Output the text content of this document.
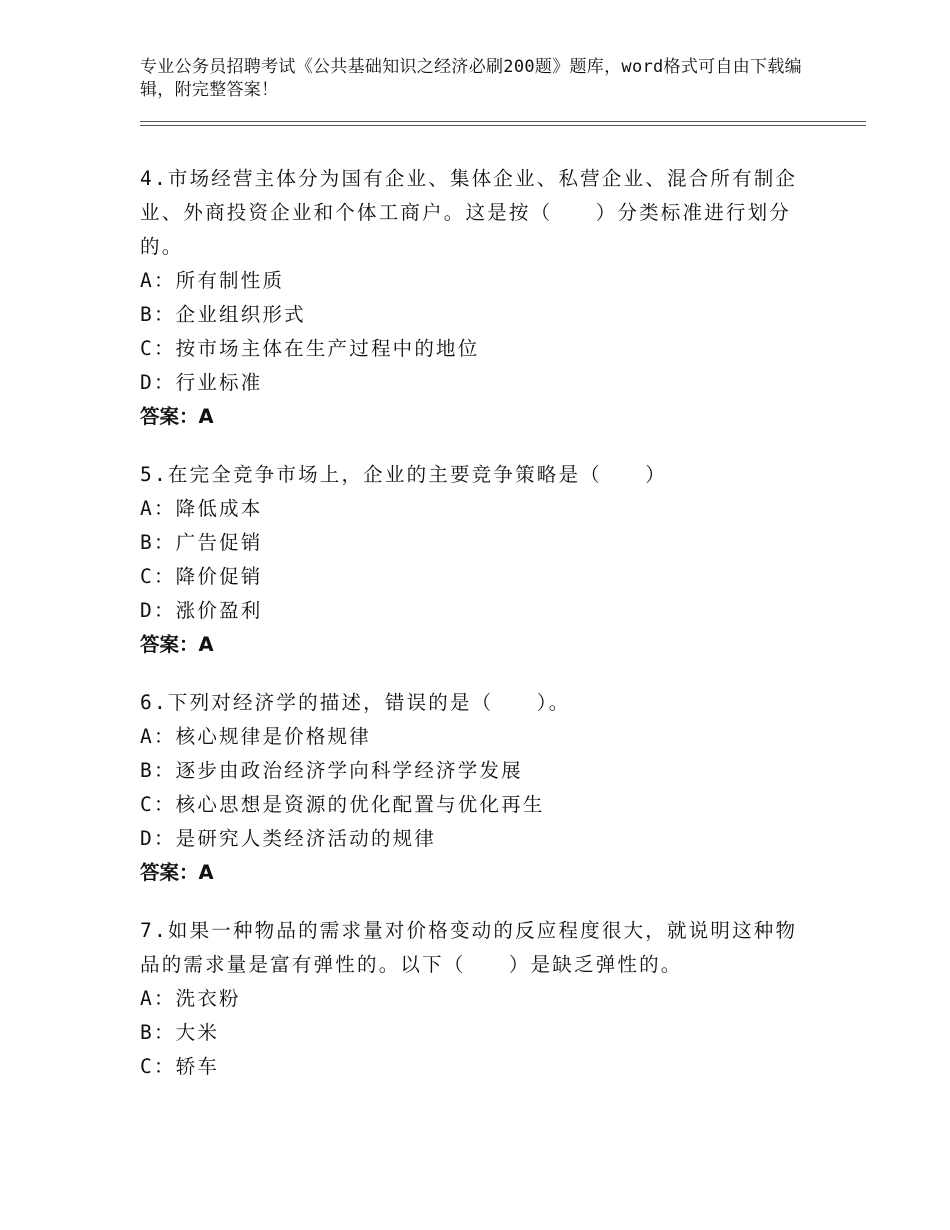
专业公务员招聘考试《公共基础知识之经济必刷200题》题库，word格式可自由下载编辑，附完整答案！
4.市场经营主体分为国有企业、集体企业、私营企业、混合所有制企业、外商投资企业和个体工商户。这是按（　　）分类标准进行划分的。
A：所有制性质
B：企业组织形式
C：按市场主体在生产过程中的地位
D：行业标准
答案：A
5.在完全竞争市场上，企业的主要竞争策略是（　　）
A：降低成本
B：广告促销
C：降价促销
D：涨价盈利
答案：A
6.下列对经济学的描述，错误的是（　　）。
A：核心规律是价格规律
B：逐步由政治经济学向科学经济学发展
C：核心思想是资源的优化配置与优化再生
D：是研究人类经济活动的规律
答案：A
7.如果一种物品的需求量对价格变动的反应程度很大，就说明这种物品的需求量是富有弹性的。以下（　　）是缺乏弹性的。
A：洗衣粉
B：大米
C：轿车
